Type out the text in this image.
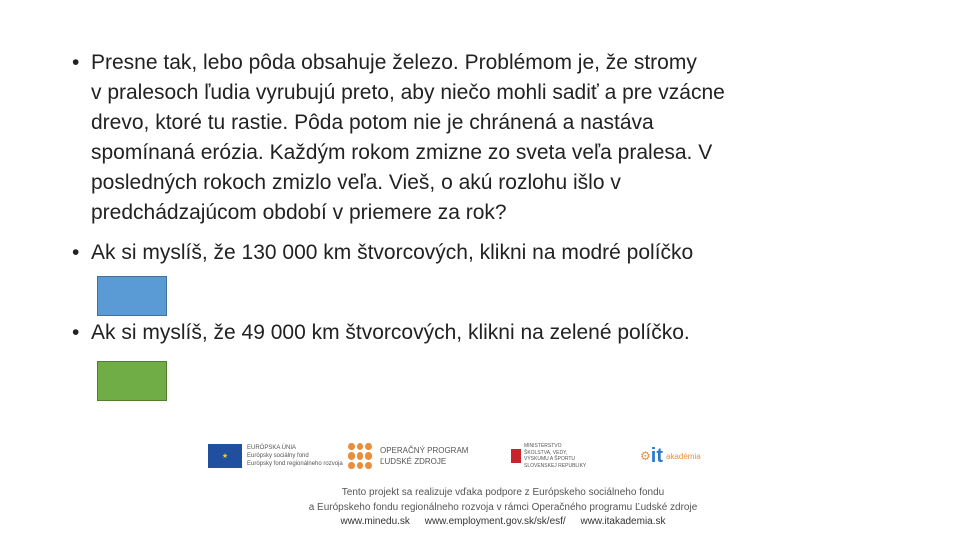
• Presne tak, lebo pôda obsahuje železo. Problémom je, že stromy
v pralesoch ľudia vyrubujú preto, aby niečo mohli sadiť a pre vzácne
drevo, ktoré tu rastie. Pôda potom nie je chránená a nastáva
spomínaná erózia. Každým rokom zmizne zo sveta veľa pralesa. V
posledných rokoch zmizlo veľa. Vieš, o akú rozlohu išlo v
predchádzajúcom období v priemere za rok?
• Ak si myslíš, že 130 000 km štvorcových, klikni na modré políčko
• Ak si myslíš, že 49 000 km štvorcových, klikni na zelené políčko.
★
EURÓPSKA ÚNIA
Európsky sociálny fond
Európsky fond regionálneho rozvoja
OPERAČNÝ PROGRAM
ĽUDSKÉ ZDROJE
MINISTERSTVO
ŠKOLSTVA, VEDY,
VÝSKUMU A ŠPORTU
SLOVENSKEJ REPUBLIKY
⚙ it akadémia
Tento projekt sa realizuje vďaka podpore z Európskeho sociálneho fondu
a Európskeho fondu regionálneho rozvoja v rámci Operačného programu Ľudské zdroje
www.minedu.sk www.employment.gov.sk/sk/esf/ www.itakademia.sk
